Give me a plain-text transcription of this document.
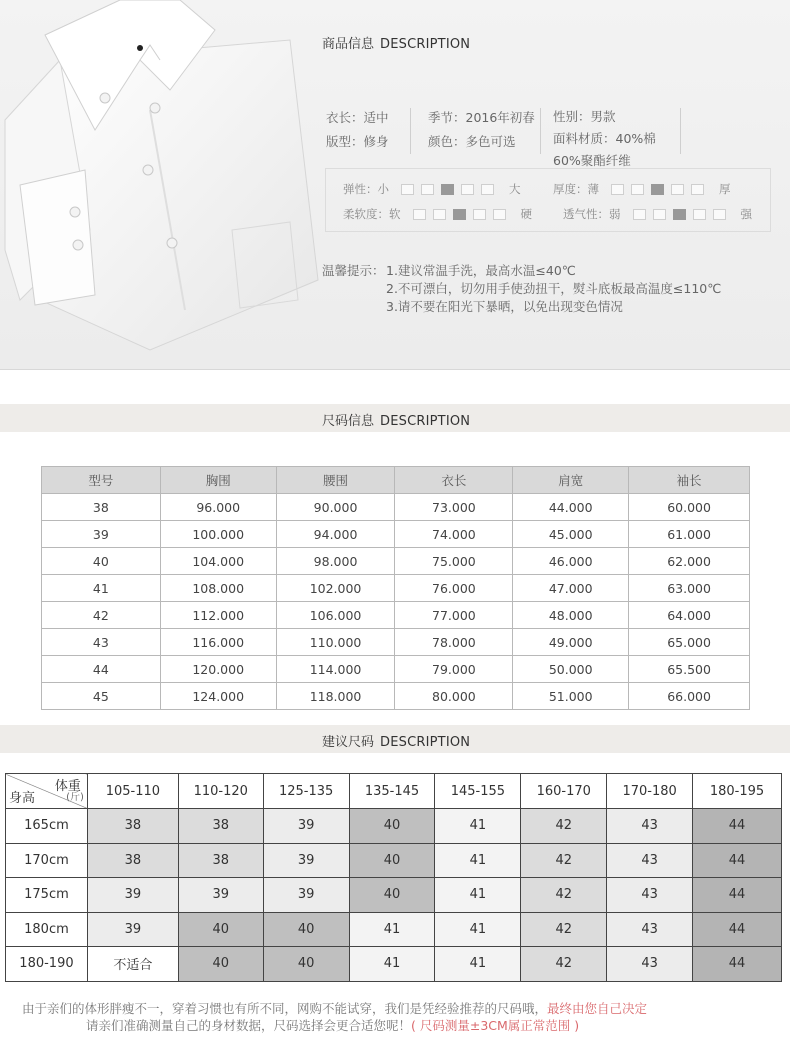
商品信息 DESCRIPTION
衣长：适中
版型：修身
季节：2016年初春
颜色：多色可选
性别：男款
面料材质：40%棉
60%聚酯纤维
弹性：小	大	厚度：薄	厚
柔软度：软	硬	透气性：弱	强
温馨提示： 1.建议常温手洗，最高水温≤40℃
2.不可漂白，切勿用手使劲扭干，熨斗底板最高温度≤110℃
3.请不要在阳光下暴晒，以免出现变色情况
尺码信息 DESCRIPTION
型号	胸围	腰围	衣长	肩宽	袖长
38	96.000	90.000	73.000	44.000	60.000
39	100.000	94.000	74.000	45.000	61.000
40	104.000	98.000	75.000	46.000	62.000
41	108.000	102.000	76.000	47.000	63.000
42	112.000	106.000	77.000	48.000	64.000
43	116.000	110.000	78.000	49.000	65.000
44	120.000	114.000	79.000	50.000	65.500
45	124.000	118.000	80.000	51.000	66.000
建议尺码 DESCRIPTION
体重
(斤)
身高	105-110	110-120	125-135	135-145	145-155	160-170	170-180	180-195
165cm	38	38	39	40	41	42	43	44
170cm	38	38	39	40	41	42	43	44
175cm	39	39	39	40	41	42	43	44
180cm	39	40	40	41	41	42	43	44
180-190	不适合	40	40	41	41	42	43	44
由于亲们的体形胖瘦不一，穿着习惯也有所不同，网购不能试穿，我们是凭经验推荐的尺码哦，最终由您自己决定
请亲们准确测量自己的身材数据，尺码选择会更合适您呢！( 尺码测量±3CM属正常范围 )
